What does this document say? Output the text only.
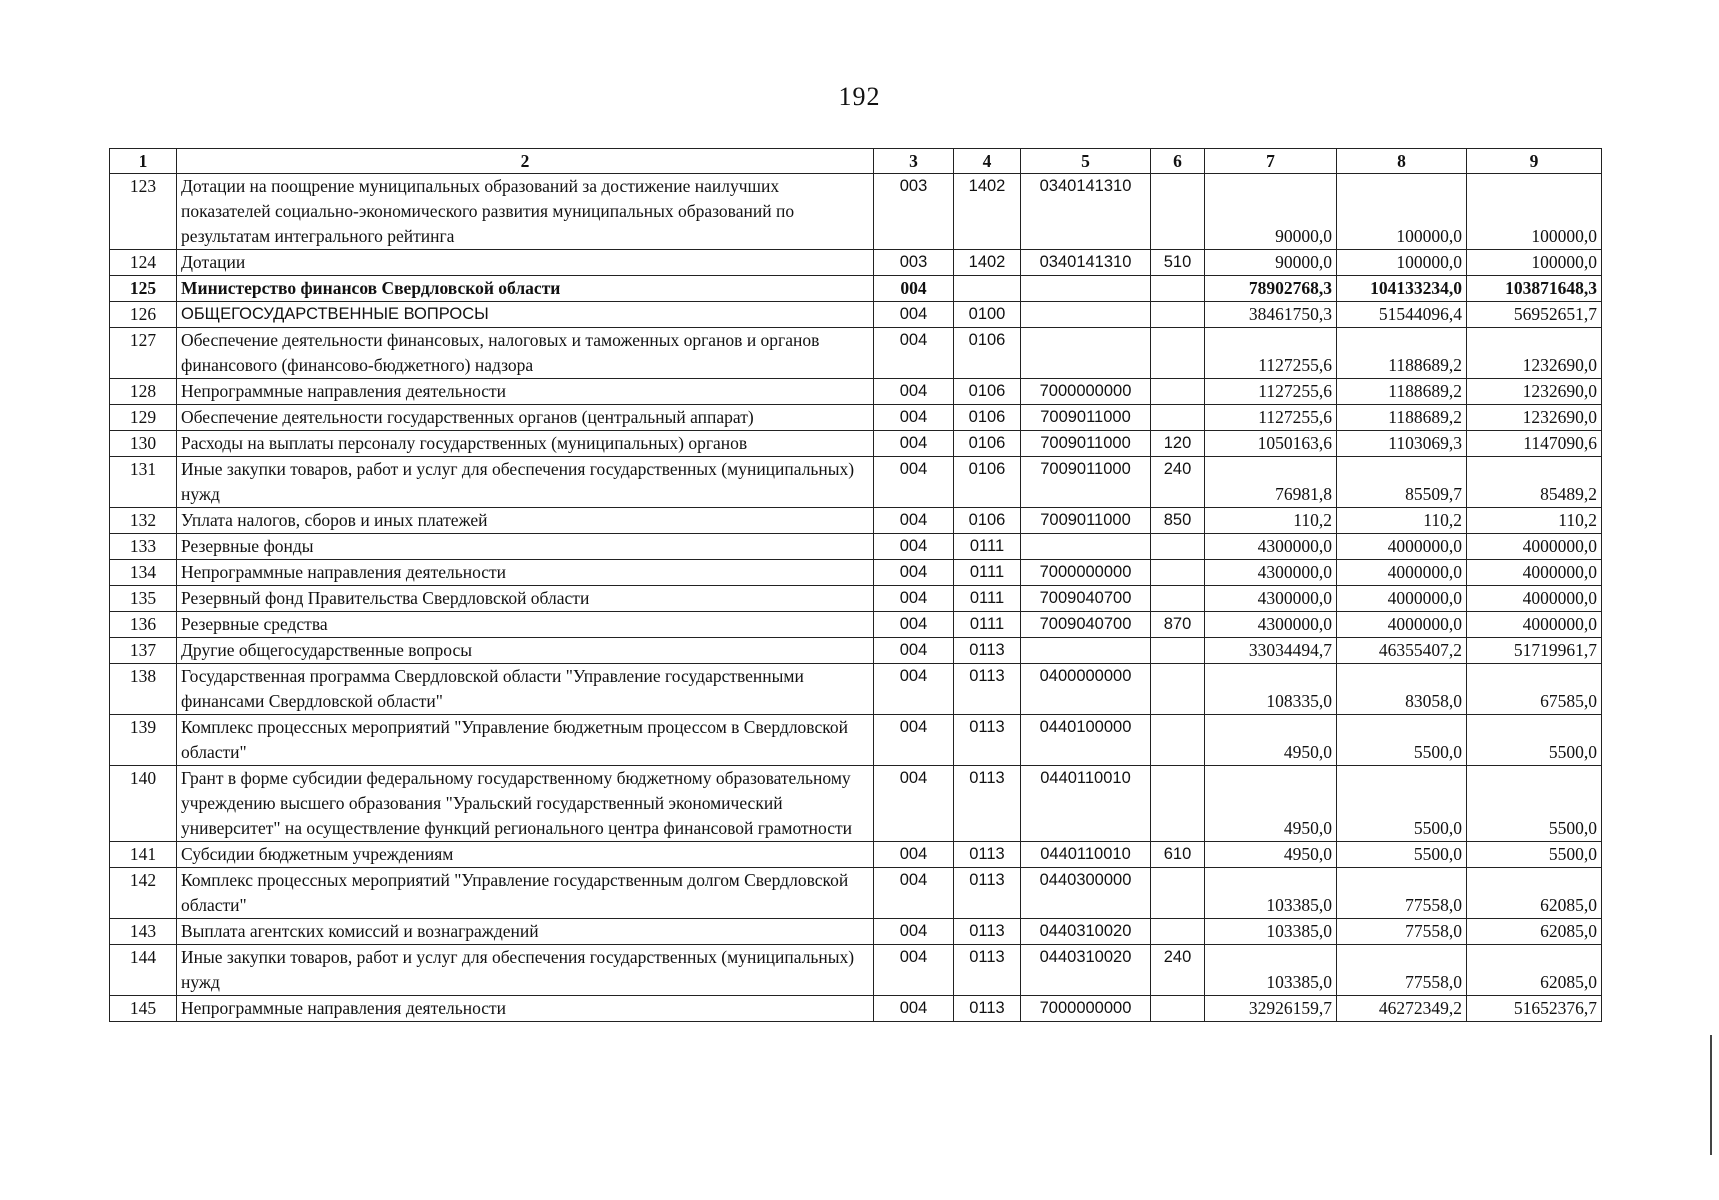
192
1	2	3	4	5	6	7	8	9
123	Дотации на поощрение муниципальных образований за достижение наилучших показателей социально-экономического развития муниципальных образований по результатам интегрального рейтинга	003	1402	0340141310		90000,0	100000,0	100000,0
124	Дотации	003	1402	0340141310	510	90000,0	100000,0	100000,0
125	Министерство финансов Свердловской области	004				78902768,3	104133234,0	103871648,3
126	ОБЩЕГОСУДАРСТВЕННЫЕ ВОПРОСЫ	004	0100			38461750,3	51544096,4	56952651,7
127	Обеспечение деятельности финансовых, налоговых и таможенных органов и органов финансового (финансово-бюджетного) надзора	004	0106			1127255,6	1188689,2	1232690,0
128	Непрограммные направления деятельности	004	0106	7000000000		1127255,6	1188689,2	1232690,0
129	Обеспечение деятельности государственных органов (центральный аппарат)	004	0106	7009011000		1127255,6	1188689,2	1232690,0
130	Расходы на выплаты персоналу государственных (муниципальных) органов	004	0106	7009011000	120	1050163,6	1103069,3	1147090,6
131	Иные закупки товаров, работ и услуг для обеспечения государственных (муниципальных) нужд	004	0106	7009011000	240	76981,8	85509,7	85489,2
132	Уплата налогов, сборов и иных платежей	004	0106	7009011000	850	110,2	110,2	110,2
133	Резервные фонды	004	0111			4300000,0	4000000,0	4000000,0
134	Непрограммные направления деятельности	004	0111	7000000000		4300000,0	4000000,0	4000000,0
135	Резервный фонд Правительства Свердловской области	004	0111	7009040700		4300000,0	4000000,0	4000000,0
136	Резервные средства	004	0111	7009040700	870	4300000,0	4000000,0	4000000,0
137	Другие общегосударственные вопросы	004	0113			33034494,7	46355407,2	51719961,7
138	Государственная программа Свердловской области "Управление государственными финансами Свердловской области"	004	0113	0400000000		108335,0	83058,0	67585,0
139	Комплекс процессных мероприятий "Управление бюджетным процессом в Свердловской области"	004	0113	0440100000		4950,0	5500,0	5500,0
140	Грант в форме субсидии федеральному государственному бюджетному образовательному учреждению высшего образования "Уральский государственный экономический университет" на осуществление функций регионального центра финансовой грамотности	004	0113	0440110010		4950,0	5500,0	5500,0
141	Субсидии бюджетным учреждениям	004	0113	0440110010	610	4950,0	5500,0	5500,0
142	Комплекс процессных мероприятий "Управление государственным долгом Свердловской области"	004	0113	0440300000		103385,0	77558,0	62085,0
143	Выплата агентских комиссий и вознаграждений	004	0113	0440310020		103385,0	77558,0	62085,0
144	Иные закупки товаров, работ и услуг для обеспечения государственных (муниципальных) нужд	004	0113	0440310020	240	103385,0	77558,0	62085,0
145	Непрограммные направления деятельности	004	0113	7000000000		32926159,7	46272349,2	51652376,7
